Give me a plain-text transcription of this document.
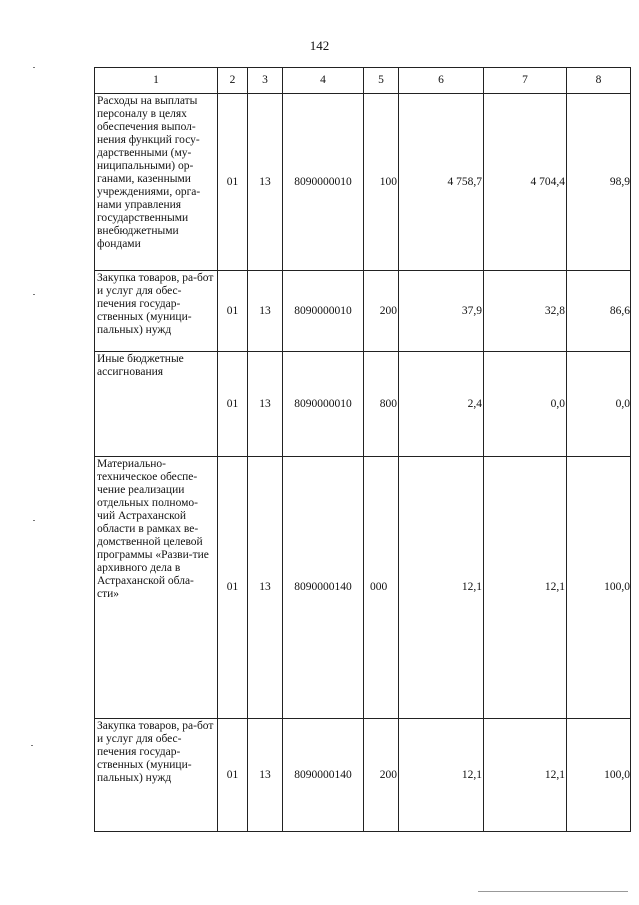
142
1	2	3	4	5	6	7	8
Расходы на выплаты персоналу в целях обеспечения выпол-нения функций госу-дарственными (му-ниципальными) ор-ганами, казенными учреждениями, орга-нами управления государственными внебюджетными фондами	01	13	8090000010	100	4 758,7	4 704,4	98,9
Закупка товаров, ра-бот и услуг для обес-печения государ-ственных (муници-пальных) нужд	01	13	8090000010	200	37,9	32,8	86,6
Иные бюджетные ассигнования	01	13	8090000010	800	2,4	0,0	0,0
Материально-техническое обеспе-чение реализации отдельных полномо-чий Астраханской области в рамках ве-домственной целевой программы «Разви-тие архивного дела в Астраханской обла-сти»	01	13	8090000140	000	12,1	12,1	100,0
Закупка товаров, ра-бот и услуг для обес-печения государ-ственных (муници-пальных) нужд	01	13	8090000140	200	12,1	12,1	100,0
